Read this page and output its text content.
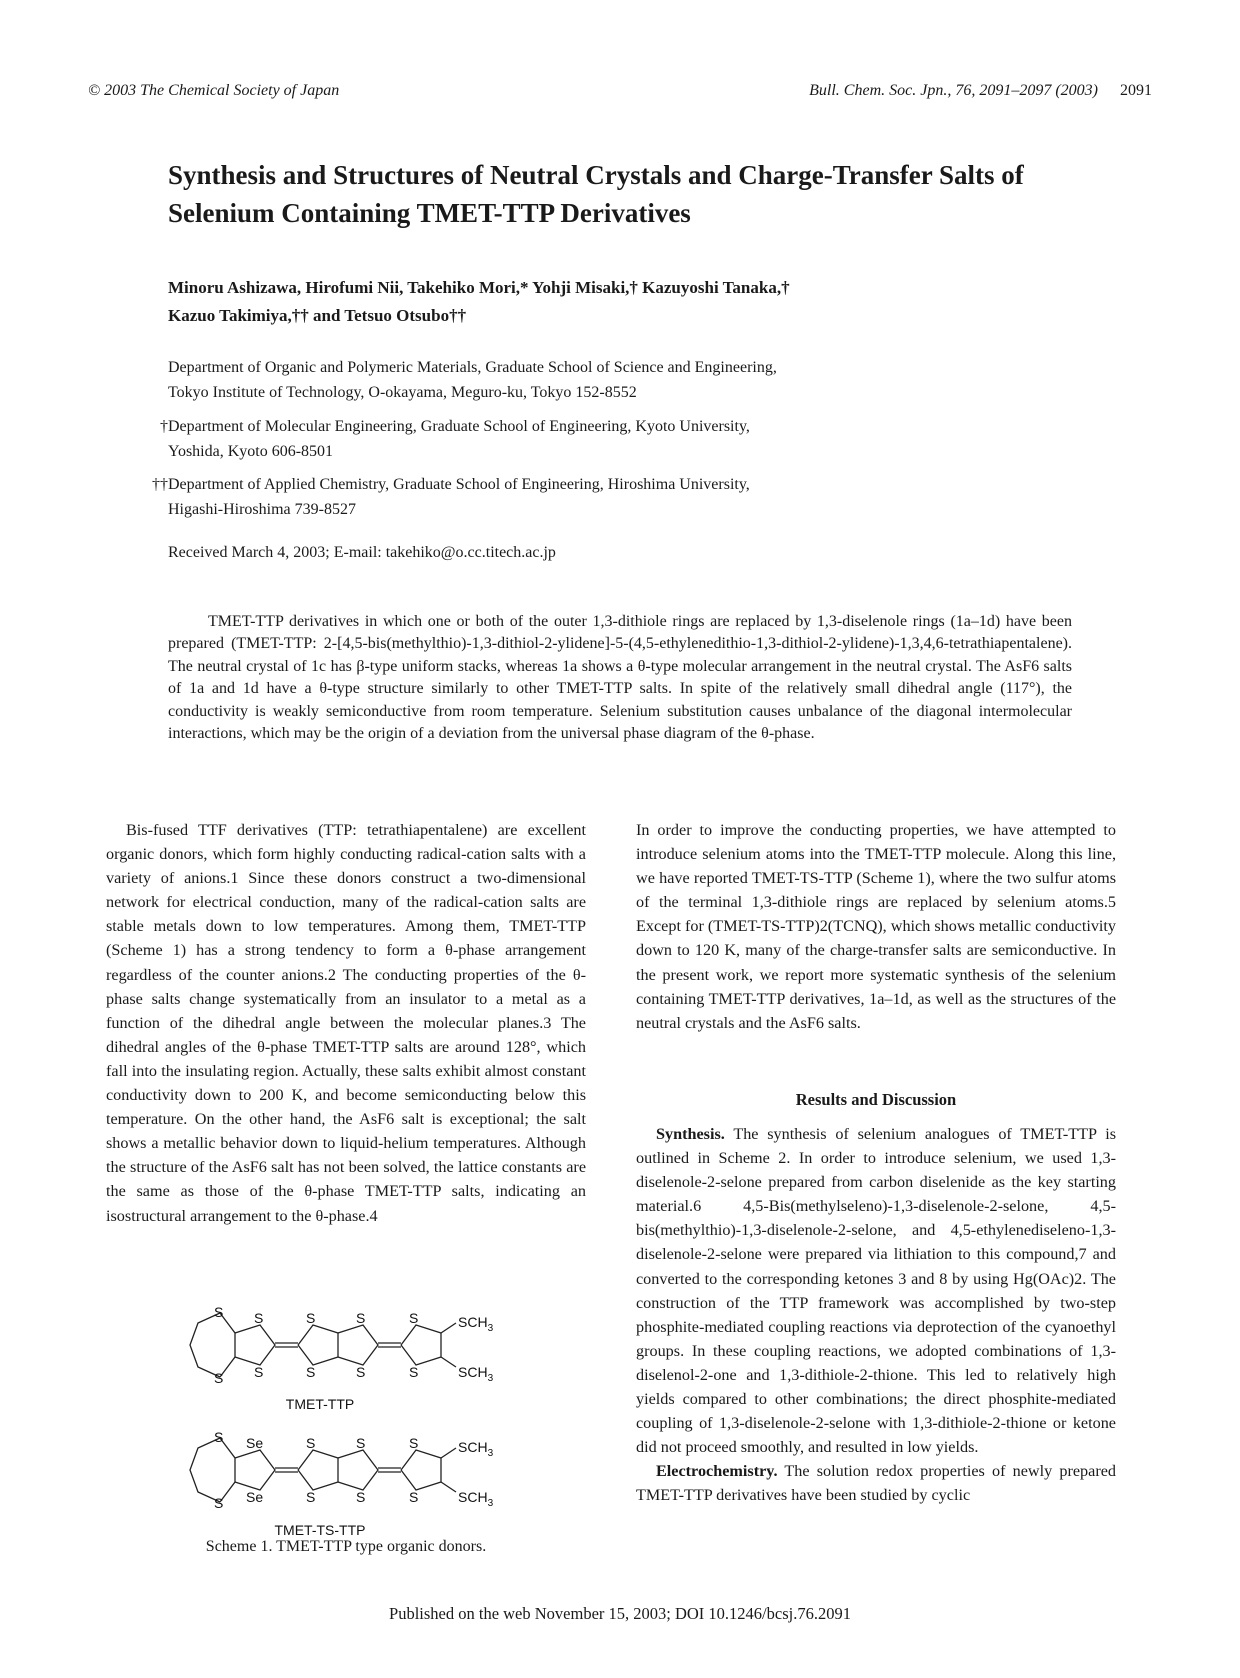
© 2003 The Chemical Society of Japan	Bull. Chem. Soc. Jpn., 76, 2091–2097 (2003) 2091
Synthesis and Structures of Neutral Crystals and Charge-Transfer Salts of Selenium Containing TMET-TTP Derivatives
Minoru Ashizawa, Hirofumi Nii, Takehiko Mori,* Yohji Misaki,† Kazuyoshi Tanaka,†
Kazuo Takimiya,†† and Tetsuo Otsubo††
Department of Organic and Polymeric Materials, Graduate School of Science and Engineering,
Tokyo Institute of Technology, O-okayama, Meguro-ku, Tokyo 152-8552
†Department of Molecular Engineering, Graduate School of Engineering, Kyoto University,
Yoshida, Kyoto 606-8501
††Department of Applied Chemistry, Graduate School of Engineering, Hiroshima University,
Higashi-Hiroshima 739-8527
Received March 4, 2003; E-mail: takehiko@o.cc.titech.ac.jp
TMET-TTP derivatives in which one or both of the outer 1,3-dithiole rings are replaced by 1,3-diselenole rings (1a–1d) have been prepared (TMET-TTP: 2-[4,5-bis(methylthio)-1,3-dithiol-2-ylidene]-5-(4,5-ethylenedithio-1,3-dithiol-2-ylidene)-1,3,4,6-tetrathiapentalene). The neutral crystal of 1c has β-type uniform stacks, whereas 1a shows a θ-type molecular arrangement in the neutral crystal. The AsF6 salts of 1a and 1d have a θ-type structure similarly to other TMET-TTP salts. In spite of the relatively small dihedral angle (117°), the conductivity is weakly semiconductive from room temperature. Selenium substitution causes unbalance of the diagonal intermolecular interactions, which may be the origin of a deviation from the universal phase diagram of the θ-phase.

Bis-fused TTF derivatives (TTP: tetrathiapentalene) are excellent organic donors, which form highly conducting radical-cation salts with a variety of anions.1 Since these donors construct a two-dimensional network for electrical conduction, many of the radical-cation salts are stable metals down to low temperatures. Among them, TMET-TTP (Scheme 1) has a strong tendency to form a θ-phase arrangement regardless of the counter anions.2 The conducting properties of the θ-phase salts change systematically from an insulator to a metal as a function of the dihedral angle between the molecular planes.3 The dihedral angles of the θ-phase TMET-TTP salts are around 128°, which fall into the insulating region. Actually, these salts exhibit almost constant conductivity down to 200 K, and become semiconducting below this temperature. On the other hand, the AsF6 salt is exceptional; the salt shows a metallic behavior down to liquid-helium temperatures. Although the structure of the AsF6 salt has not been solved, the lattice constants are the same as those of the θ-phase TMET-TTP salts, indicating an isostructural arrangement to the θ-phase.4

S
S
S
S
S
S
S
S
S
S
$SCH_3$
$SCH_3$
S
S
Se
Se
S
S
S
S
S
S
$SCH_3$
$SCH_3$
TMET-TTP
TMET-TS-TTP
Scheme 1. TMET-TTP type organic donors.

In order to improve the conducting properties, we have attempted to introduce selenium atoms into the TMET-TTP molecule. Along this line, we have reported TMET-TS-TTP (Scheme 1), where the two sulfur atoms of the terminal 1,3-dithiole rings are replaced by selenium atoms.5 Except for (TMET-TS-TTP)2(TCNQ), which shows metallic conductivity down to 120 K, many of the charge-transfer salts are semiconductive. In the present work, we report more systematic synthesis of the selenium containing TMET-TTP derivatives, 1a–1d, as well as the structures of the neutral crystals and the AsF6 salts.

Results and Discussion

Synthesis. The synthesis of selenium analogues of TMET-TTP is outlined in Scheme 2. In order to introduce selenium, we used 1,3-diselenole-2-selone prepared from carbon diselenide as the key starting material.6 4,5-Bis(methylseleno)-1,3-diselenole-2-selone, 4,5-bis(methylthio)-1,3-diselenole-2-selone, and 4,5-ethylenediseleno-1,3-diselenole-2-selone were prepared via lithiation to this compound,7 and converted to the corresponding ketones 3 and 8 by using Hg(OAc)2. The construction of the TTP framework was accomplished by two-step phosphite-mediated coupling reactions via deprotection of the cyanoethyl groups. In these coupling reactions, we adopted combinations of 1,3-diselenol-2-one and 1,3-dithiole-2-thione. This led to relatively high yields compared to other combinations; the direct phosphite-mediated coupling of 1,3-diselenole-2-selone with 1,3-dithiole-2-thione or ketone did not proceed smoothly, and resulted in low yields.

Electrochemistry. The solution redox properties of newly prepared TMET-TTP derivatives have been studied by cyclic

Published on the web November 15, 2003; DOI 10.1246/bcsj.76.2091
